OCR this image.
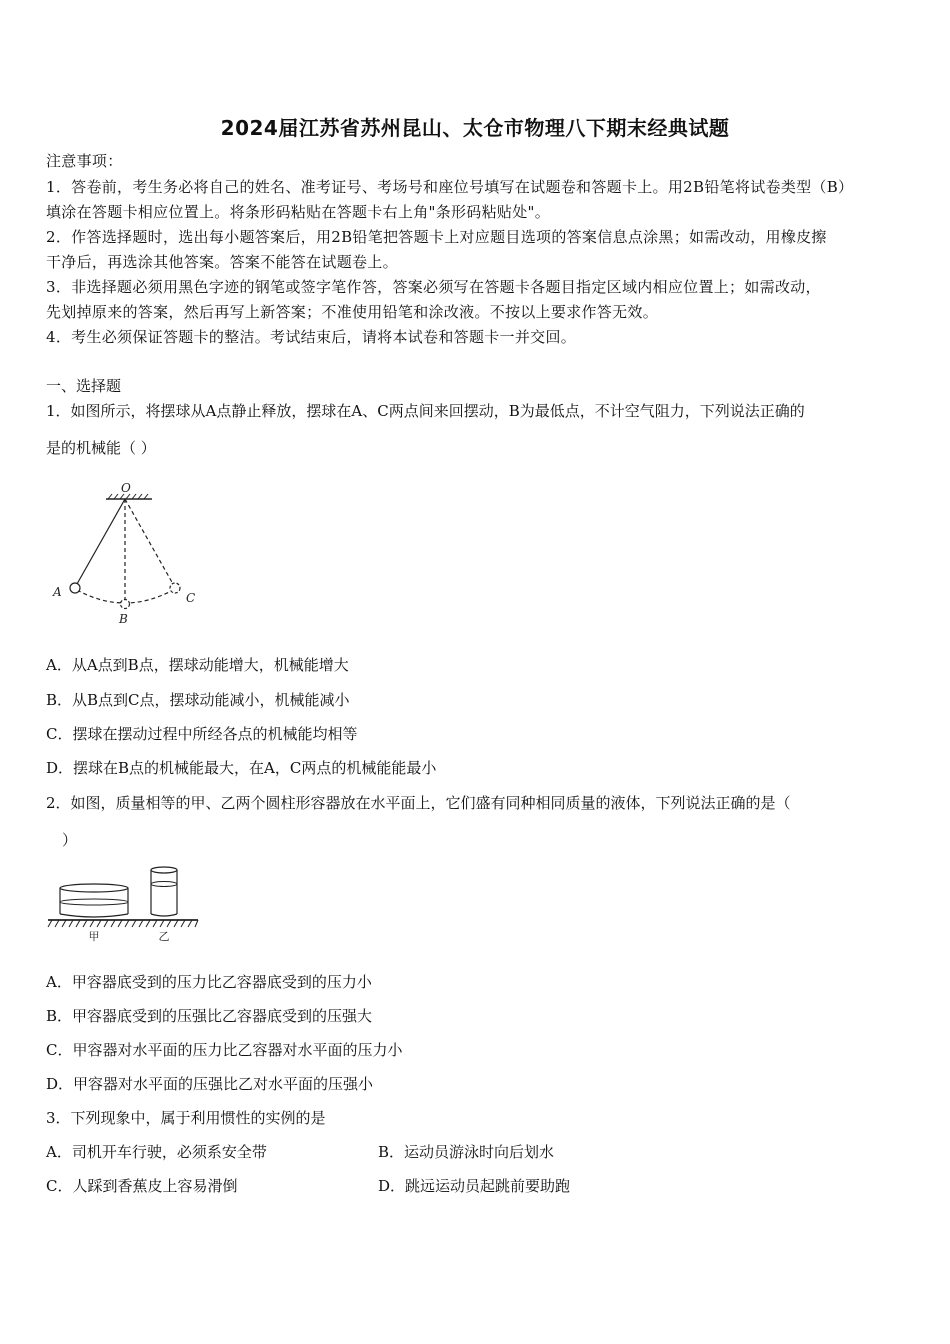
2024届江苏省苏州昆山、太仓市物理八下期末经典试题
注意事项：
1．答卷前，考生务必将自己的姓名、准考证号、考场号和座位号填写在试题卷和答题卡上。用2B铅笔将试卷类型（B）
填涂在答题卡相应位置上。将条形码粘贴在答题卡右上角"条形码粘贴处"。
2．作答选择题时，选出每小题答案后，用2B铅笔把答题卡上对应题目选项的答案信息点涂黑；如需改动，用橡皮擦
干净后，再选涂其他答案。答案不能答在试题卷上。
3．非选择题必须用黑色字迹的钢笔或签字笔作答，答案必须写在答题卡各题目指定区域内相应位置上；如需改动，
先划掉原来的答案，然后再写上新答案；不准使用铅笔和涂改液。不按以上要求作答无效。
4．考生必须保证答题卡的整洁。考试结束后，请将本试卷和答题卡一并交回。
一、选择题
1．如图所示，将摆球从A点静止释放，摆球在A、C两点间来回摆动，B为最低点，不计空气阻力，下列说法正确的
是的机械能（ ）
O
A
B
C
A．从A点到B点，摆球动能增大，机械能增大
B．从B点到C点，摆球动能减小，机械能减小
C．摆球在摆动过程中所经各点的机械能均相等
D．摆球在B点的机械能最大，在A，C两点的机械能能最小
2．如图，质量相等的甲、乙两个圆柱形容器放在水平面上，它们盛有同种相同质量的液体，下列说法正确的是（
）
甲	乙
A．甲容器底受到的压力比乙容器底受到的压力小
B．甲容器底受到的压强比乙容器底受到的压强大
C．甲容器对水平面的压力比乙容器对水平面的压力小
D．甲容器对水平面的压强比乙对水平面的压强小
3．下列现象中，属于利用惯性的实例的是
A．司机开车行驶，必须系安全带	B．运动员游泳时向后划水
C．人踩到香蕉皮上容易滑倒	D．跳远运动员起跳前要助跑
